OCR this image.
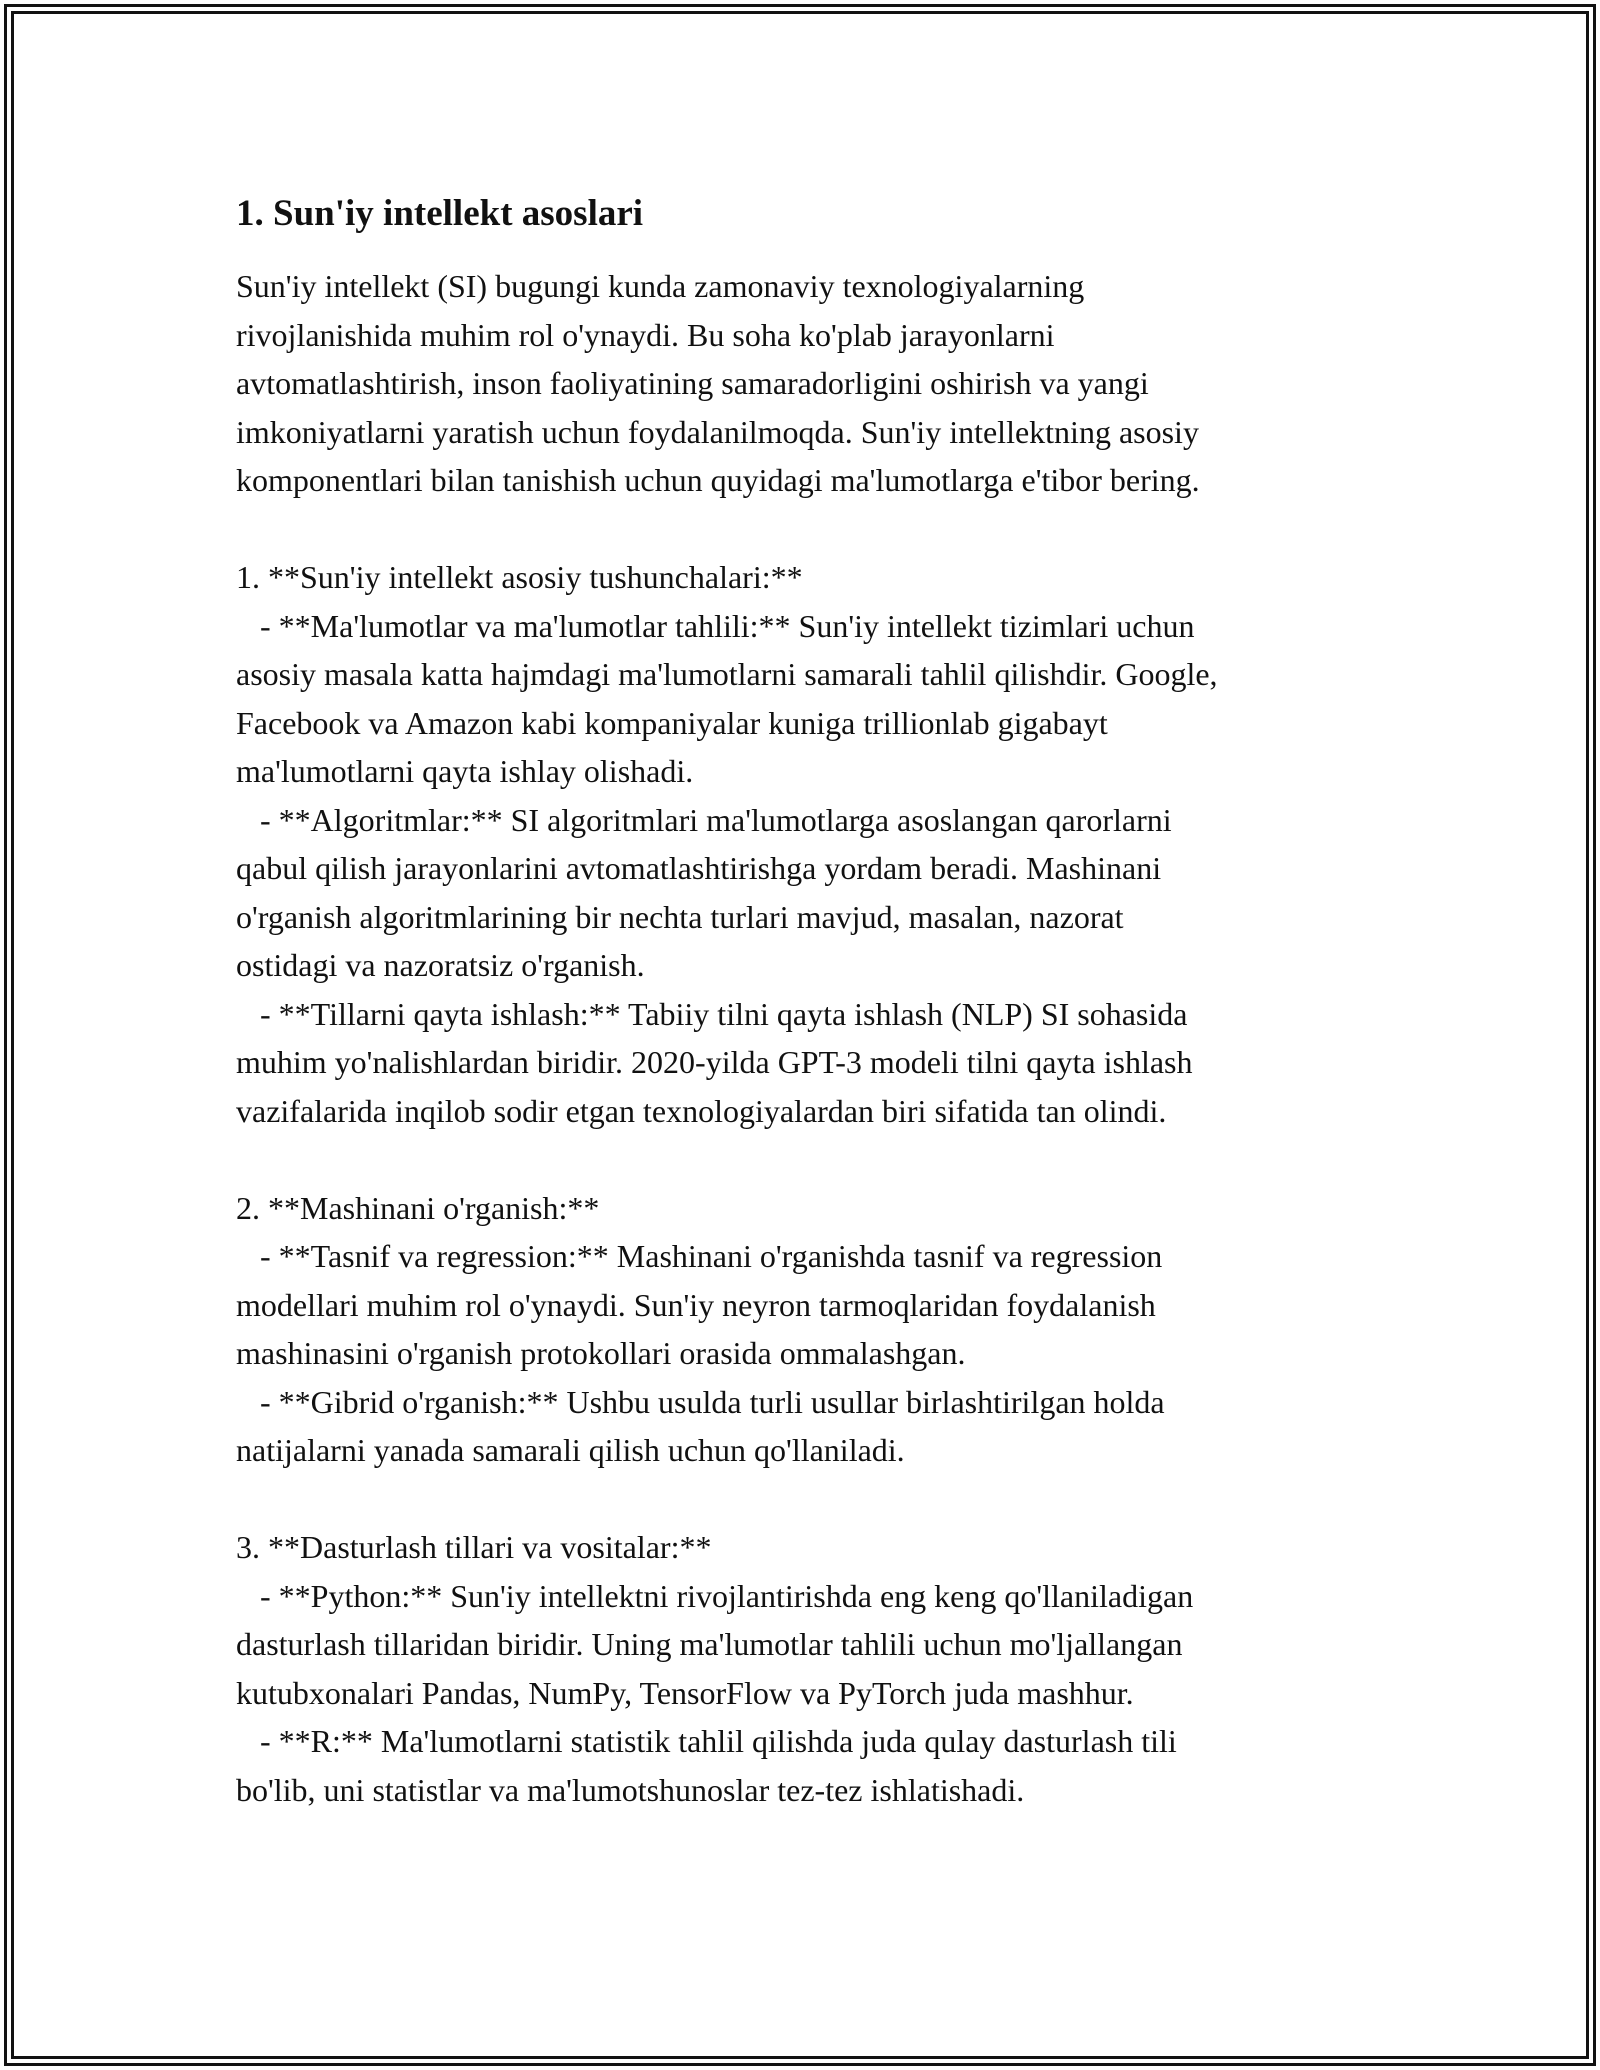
1. Sun'iy intellekt asoslari
Sun'iy intellekt (SI) bugungi kunda zamonaviy texnologiyalarning
rivojlanishida muhim rol o'ynaydi. Bu soha ko'plab jarayonlarni
avtomatlashtirish, inson faoliyatining samaradorligini oshirish va yangi
imkoniyatlarni yaratish uchun foydalanilmoqda. Sun'iy intellektning asosiy
komponentlari bilan tanishish uchun quyidagi ma'lumotlarga e'tibor bering.
1. **Sun'iy intellekt asosiy tushunchalari:**
- **Ma'lumotlar va ma'lumotlar tahlili:** Sun'iy intellekt tizimlari uchun
asosiy masala katta hajmdagi ma'lumotlarni samarali tahlil qilishdir. Google,
Facebook va Amazon kabi kompaniyalar kuniga trillionlab gigabayt
ma'lumotlarni qayta ishlay olishadi.
- **Algoritmlar:** SI algoritmlari ma'lumotlarga asoslangan qarorlarni
qabul qilish jarayonlarini avtomatlashtirishga yordam beradi. Mashinani
o'rganish algoritmlarining bir nechta turlari mavjud, masalan, nazorat
ostidagi va nazoratsiz o'rganish.
- **Tillarni qayta ishlash:** Tabiiy tilni qayta ishlash (NLP) SI sohasida
muhim yo'nalishlardan biridir. 2020-yilda GPT-3 modeli tilni qayta ishlash
vazifalarida inqilob sodir etgan texnologiyalardan biri sifatida tan olindi.
2. **Mashinani o'rganish:**
- **Tasnif va regression:** Mashinani o'rganishda tasnif va regression
modellari muhim rol o'ynaydi. Sun'iy neyron tarmoqlaridan foydalanish
mashinasini o'rganish protokollari orasida ommalashgan.
- **Gibrid o'rganish:** Ushbu usulda turli usullar birlashtirilgan holda
natijalarni yanada samarali qilish uchun qo'llaniladi.
3. **Dasturlash tillari va vositalar:**
- **Python:** Sun'iy intellektni rivojlantirishda eng keng qo'llaniladigan
dasturlash tillaridan biridir. Uning ma'lumotlar tahlili uchun mo'ljallangan
kutubxonalari Pandas, NumPy, TensorFlow va PyTorch juda mashhur.
- **R:** Ma'lumotlarni statistik tahlil qilishda juda qulay dasturlash tili
bo'lib, uni statistlar va ma'lumotshunoslar tez-tez ishlatishadi.
